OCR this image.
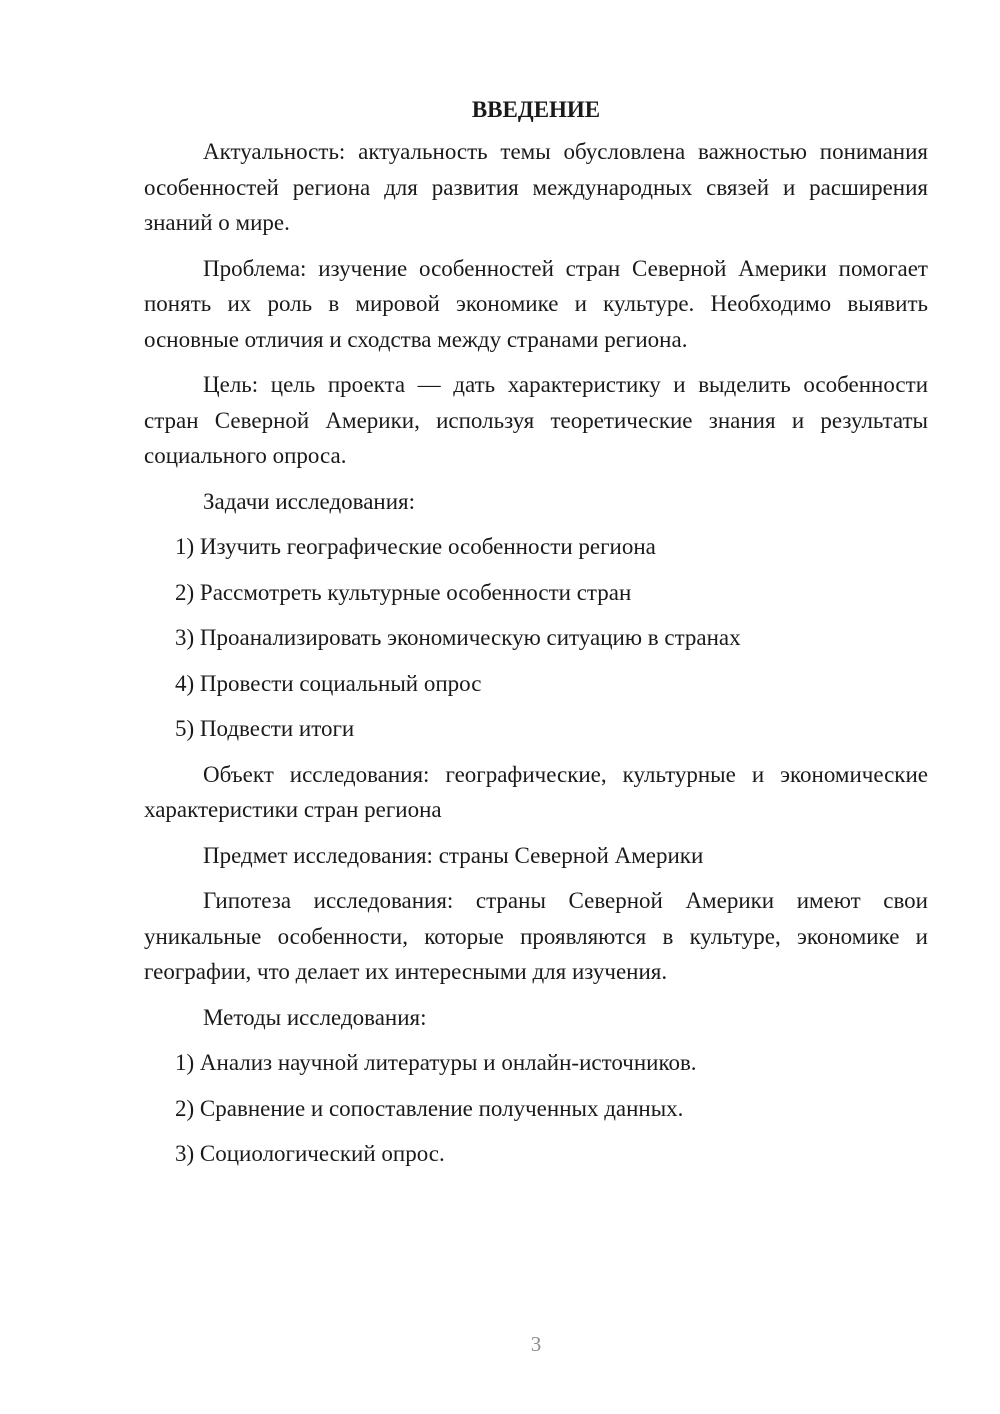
ВВЕДЕНИЕ

Актуальность: актуальность темы обусловлена важностью понимания особенностей региона для развития международных связей и расширения знаний о мире.

Проблема: изучение особенностей стран Северной Америки помогает понять их роль в мировой экономике и культуре. Необходимо выявить основные отличия и сходства между странами региона.

Цель: цель проекта — дать характеристику и выделить особенности стран Северной Америки, используя теоретические знания и результаты социального опроса.

Задачи исследования:

1) Изучить географические особенности региона
2) Рассмотреть культурные особенности стран
3) Проанализировать экономическую ситуацию в странах
4) Провести социальный опрос
5) Подвести итоги

Объект исследования: географические, культурные и экономические характеристики стран региона

Предмет исследования: страны Северной Америки

Гипотеза исследования: страны Северной Америки имеют свои уникальные особенности, которые проявляются в культуре, экономике и географии, что делает их интересными для изучения.

Методы исследования:

1) Анализ научной литературы и онлайн-источников.
2) Сравнение и сопоставление полученных данных.
3) Социологический опрос.
3
